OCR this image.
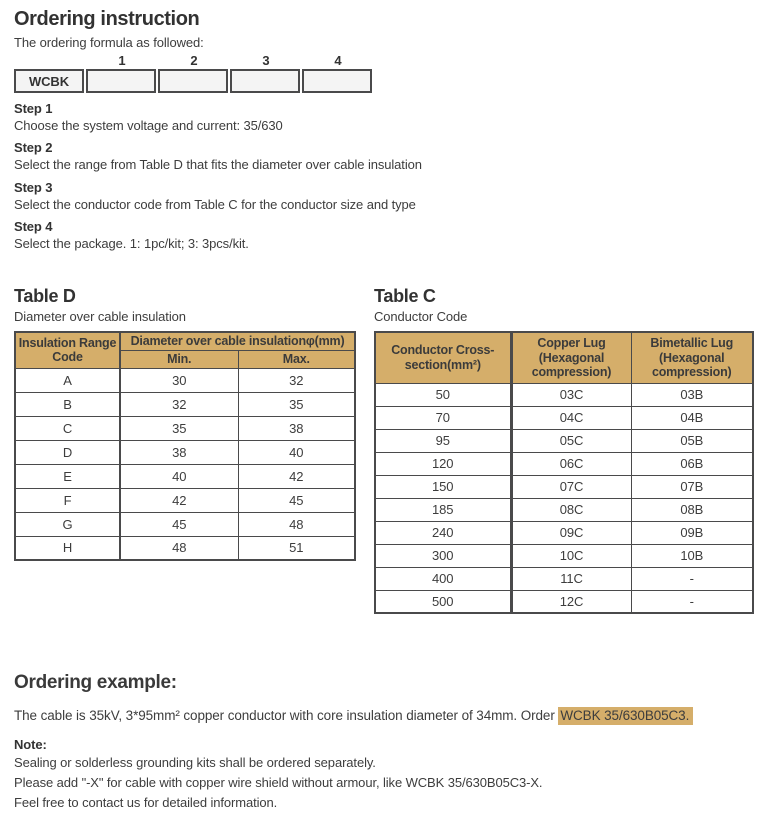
Ordering instruction

The ordering formula as followed:

1	2	3	4
WCBK
Step 1
Choose the system voltage and current: 35/630
Step 2
Select the range from Table D that fits the diameter over cable insulation
Step 3
Select the conductor code from Table C for the conductor size and type
Step 4
Select the package. 1: 1pc/kit; 3: 3pcs/kit.
Table D

Diameter over cable insulation

Insulation Range Code	Diameter over cable insulationφ(mm)	
	Min.	Max.
A	30	32
B	32	35
C	35	38
D	38	40
E	40	42
F	42	45
G	45	48
H	48	51
Table C

Conductor Code

Conductor Cross-section(mm²)	Copper Lug (Hexagonal compression)	Bimetallic Lug (Hexagonal compression)
50	03C	03B
70	04C	04B
95	05C	05B
120	06C	06B
150	07C	07B
185	08C	08B
240	09C	09B
300	10C	10B
400	11C	-
500	12C	-
Ordering example:

The cable is 35kV, 3*95mm² copper conductor with core insulation diameter of 34mm. Order WCBK 35/630B05C3.

Note:
Sealing or solderless grounding kits shall be ordered separately.
Please add "-X" for cable with copper wire shield without armour, like WCBK 35/630B05C3-X.
Feel free to contact us for detailed information.
